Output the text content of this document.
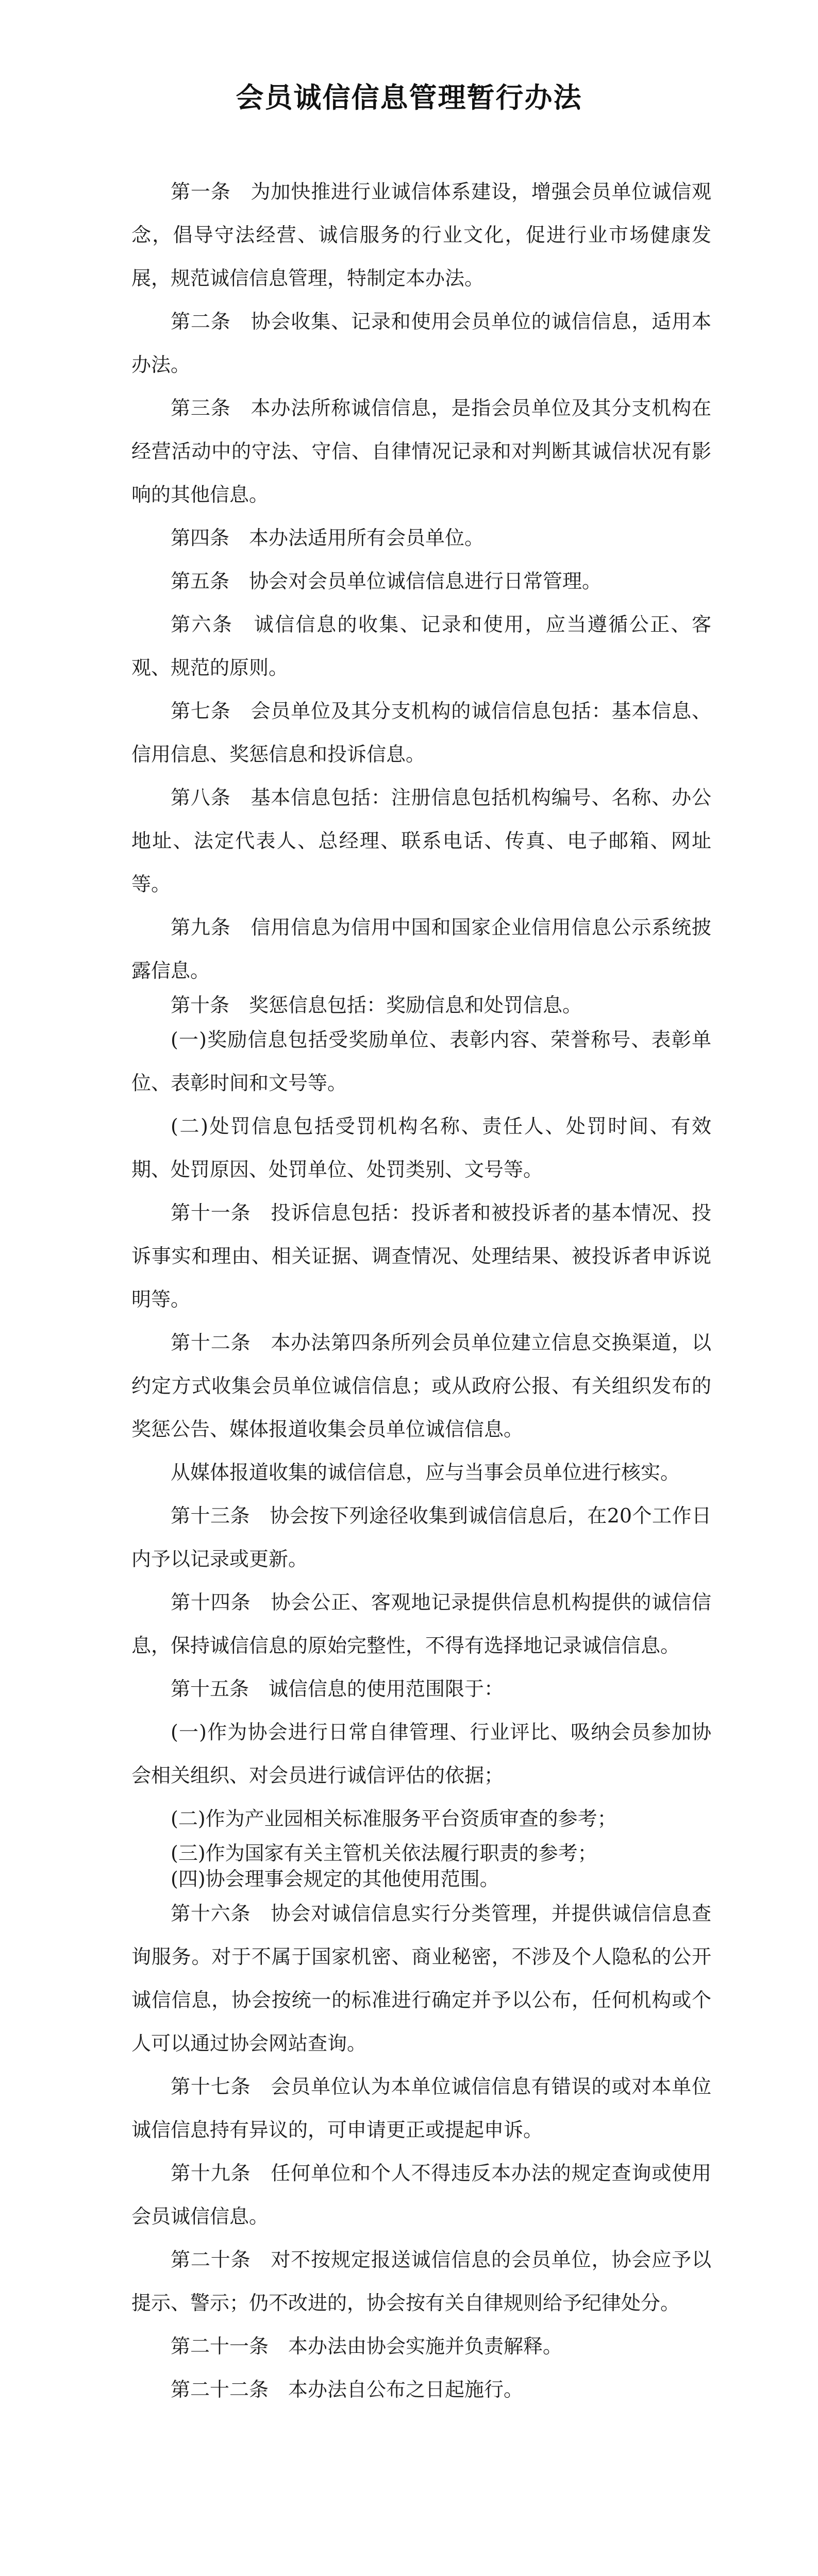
会员诚信信息管理暂行办法

第一条　为加快推进行业诚信体系建设，增强会员单位诚信观念，倡导守法经营、诚信服务的行业文化，促进行业市场健康发展，规范诚信信息管理，特制定本办法。

第二条　协会收集、记录和使用会员单位的诚信信息，适用本办法。

第三条　本办法所称诚信信息，是指会员单位及其分支机构在经营活动中的守法、守信、自律情况记录和对判断其诚信状况有影响的其他信息。

第四条　本办法适用所有会员单位。

第五条　协会对会员单位诚信信息进行日常管理。

第六条　诚信信息的收集、记录和使用，应当遵循公正、客观、规范的原则。

第七条　会员单位及其分支机构的诚信信息包括：基本信息、信用信息、奖惩信息和投诉信息。

第八条　基本信息包括：注册信息包括机构编号、名称、办公地址、法定代表人、总经理、联系电话、传真、电子邮箱、网址等。

第九条　信用信息为信用中国和国家企业信用信息公示系统披露信息。

第十条　奖惩信息包括：奖励信息和处罚信息。

(一)奖励信息包括受奖励单位、表彰内容、荣誉称号、表彰单位、表彰时间和文号等。

(二)处罚信息包括受罚机构名称、责任人、处罚时间、有效期、处罚原因、处罚单位、处罚类别、文号等。

第十一条　投诉信息包括：投诉者和被投诉者的基本情况、投诉事实和理由、相关证据、调查情况、处理结果、被投诉者申诉说明等。

第十二条　本办法第四条所列会员单位建立信息交换渠道，以约定方式收集会员单位诚信信息；或从政府公报、有关组织发布的奖惩公告、媒体报道收集会员单位诚信信息。

从媒体报道收集的诚信信息，应与当事会员单位进行核实。

第十三条　协会按下列途径收集到诚信信息后，在20个工作日内予以记录或更新。

第十四条　协会公正、客观地记录提供信息机构提供的诚信信息，保持诚信信息的原始完整性，不得有选择地记录诚信信息。

第十五条　诚信信息的使用范围限于：

(一)作为协会进行日常自律管理、行业评比、吸纳会员参加协会相关组织、对会员进行诚信评估的依据；

(二)作为产业园相关标准服务平台资质审查的参考；

(三)作为国家有关主管机关依法履行职责的参考；

(四)协会理事会规定的其他使用范围。

第十六条　协会对诚信信息实行分类管理，并提供诚信信息查询服务。对于不属于国家机密、商业秘密，不涉及个人隐私的公开诚信信息，协会按统一的标准进行确定并予以公布，任何机构或个人可以通过协会网站查询。

第十七条　会员单位认为本单位诚信信息有错误的或对本单位诚信信息持有异议的，可申请更正或提起申诉。

第十九条　任何单位和个人不得违反本办法的规定查询或使用会员诚信信息。

第二十条　对不按规定报送诚信信息的会员单位，协会应予以提示、警示；仍不改进的，协会按有关自律规则给予纪律处分。

第二十一条　本办法由协会实施并负责解释。

第二十二条　本办法自公布之日起施行。
